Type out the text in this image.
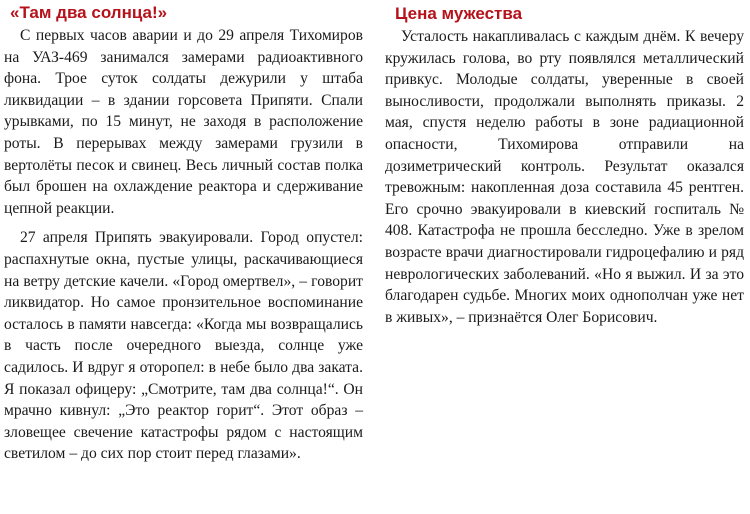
«Там два солнца!»

С первых часов аварии и до 29 апреля Тихомиров на УАЗ-469 занимался замерами радиоактивного фона. Трое суток солдаты дежурили у штаба ликвидации – в здании горсовета Припяти. Спали урывками, по 15 минут, не заходя в расположение роты. В перерывах между замерами грузили в вертолёты песок и свинец. Весь личный состав полка был брошен на охлаждение реактора и сдерживание цепной реакции.

27 апреля Припять эвакуировали. Город опустел: распахнутые окна, пустые улицы, раскачивающиеся на ветру детские качели. «Город омертвел», – говорит ликвидатор. Но самое пронзительное воспоминание осталось в памяти навсегда: «Когда мы возвращались в часть после очередного выезда, солнце уже садилось. И вдруг я оторопел: в небе было два заката. Я показал офицеру: „Смотрите, там два солнца!“. Он мрачно кивнул: „Это реактор горит“. Этот образ – зловещее свечение катастрофы рядом с настоящим светилом – до сих пор стоит перед глазами».

Цена мужества

Усталость накапливалась с каждым днём. К вечеру кружилась голова, во рту появлялся металлический привкус. Молодые солдаты, уверенные в своей выносливости, продолжали выполнять приказы. 2 мая, спустя неделю работы в зоне радиационной опасности, Тихомирова отправили на дозиметрический контроль. Результат оказался тревожным: накопленная доза составила 45 рентген. Его срочно эвакуировали в киевский госпиталь № 408. Катастрофа не прошла бесследно. Уже в зрелом возрасте врачи диагностировали гидроцефалию и ряд неврологических заболеваний. «Но я выжил. И за это благодарен судьбе. Многих моих однополчан уже нет в живых», – признаётся Олег Борисович.
